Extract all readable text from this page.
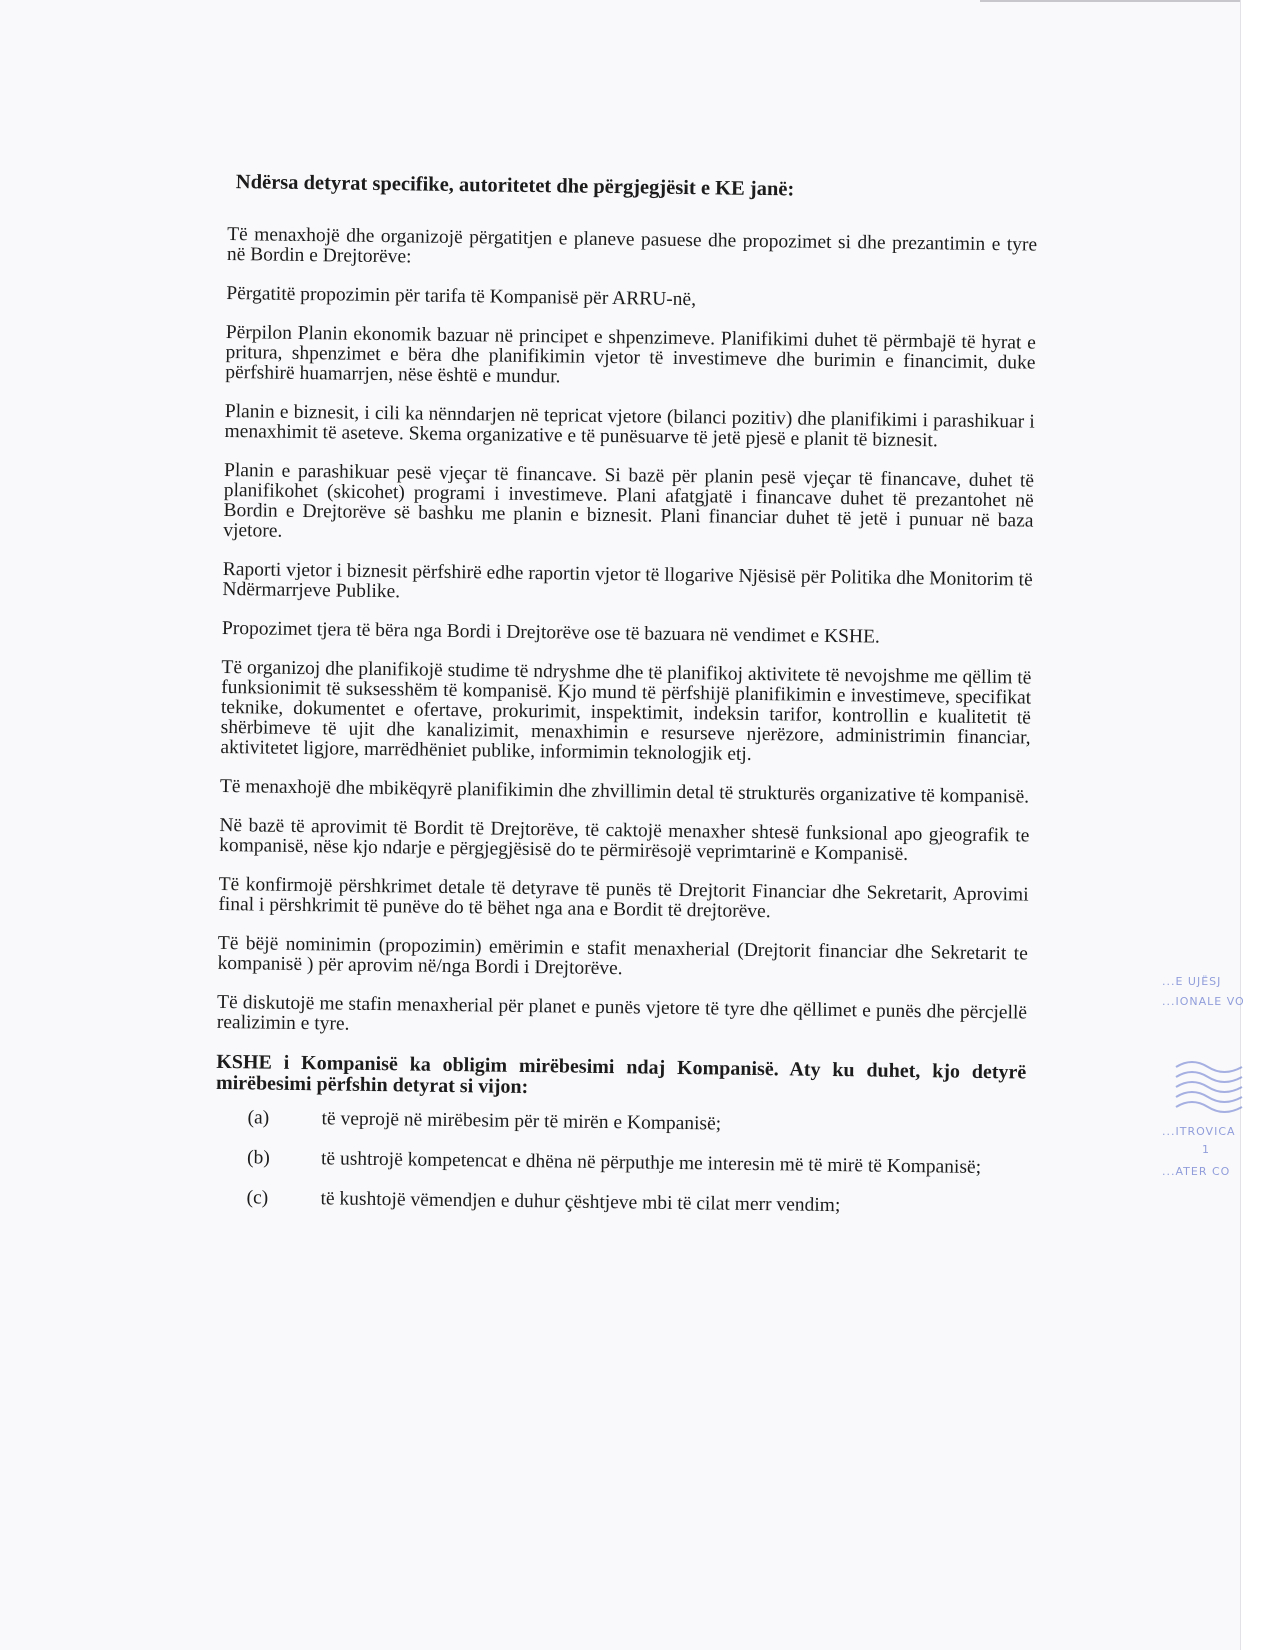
Ndërsa detyrat specifike, autoritetet dhe përgjegjësit e KE janë:

Të menaxhojë dhe organizojë përgatitjen e planeve pasuese dhe propozimet si dhe prezantimin e tyre në Bordin e Drejtorëve:

Përgatitë propozimin për tarifa të Kompanisë për ARRU-në,

Përpilon Planin ekonomik bazuar në principet e shpenzimeve. Planifikimi duhet të përmbajë të hyrat e pritura, shpenzimet e bëra dhe planifikimin vjetor të investimeve dhe burimin e financimit, duke përfshirë huamarrjen, nëse është e mundur.

Planin e biznesit, i cili ka nënndarjen në tepricat vjetore (bilanci pozitiv) dhe planifikimi i parashikuar i menaxhimit të aseteve. Skema organizative e të punësuarve të jetë pjesë e planit të biznesit.

Planin e parashikuar pesë vjeçar të financave. Si bazë për planin pesë vjeçar të financave, duhet të planifikohet (skicohet) programi i investimeve. Plani afatgjatë i financave duhet të prezantohet në Bordin e Drejtorëve së bashku me planin e biznesit. Plani financiar duhet të jetë i punuar në baza vjetore.

Raporti vjetor i biznesit përfshirë edhe raportin vjetor të llogarive Njësisë për Politika dhe Monitorim të Ndërmarrjeve Publike.

Propozimet tjera të bëra nga Bordi i Drejtorëve ose të bazuara në vendimet e KSHE.

Të organizoj dhe planifikojë studime të ndryshme dhe të planifikoj aktivitete të nevojshme me qëllim të funksionimit të suksesshëm të kompanisë. Kjo mund të përfshijë planifikimin e investimeve, specifikat teknike, dokumentet e ofertave, prokurimit, inspektimit, indeksin tarifor, kontrollin e kualitetit të shërbimeve të ujit dhe kanalizimit, menaxhimin e resurseve njerëzore, administrimin financiar, aktivitetet ligjore, marrëdhëniet publike, informimin teknologjik etj.

Të menaxhojë dhe mbikëqyrë planifikimin dhe zhvillimin detal të strukturës organizative të kompanisë.

Në bazë të aprovimit të Bordit të Drejtorëve, të caktojë menaxher shtesë funksional apo gjeografik te kompanisë, nëse kjo ndarje e përgjegjësisë do te përmirësojë veprimtarinë e Kompanisë.

Të konfirmojë përshkrimet detale të detyrave të punës të Drejtorit Financiar dhe Sekretarit, Aprovimi final i përshkrimit të punëve do të bëhet nga ana e Bordit të drejtorëve.

Të bëjë nominimin (propozimin) emërimin e stafit menaxherial (Drejtorit financiar dhe Sekretarit te kompanisë ) për aprovim në/nga Bordi i Drejtorëve.

Të diskutojë me stafin menaxherial për planet e punës vjetore të tyre dhe qëllimet e punës dhe përcjellë realizimin e tyre.

KSHE i Kompanisë ka obligim mirëbesimi ndaj Kompanisë. Aty ku duhet, kjo detyrë mirëbesimi përfshin detyrat si vijon:

(a)	të veprojë në mirëbesim për të mirën e Kompanisë;
(b)	të ushtrojë kompetencat e dhëna në përputhje me interesin më të mirë të Kompanisë;
(c)	të kushtojë vëmendjen e duhur çështjeve mbi të cilat merr vendim;
...E UJËSJ
...IONALE VO
...ITROVICA
1
...ATER CO
